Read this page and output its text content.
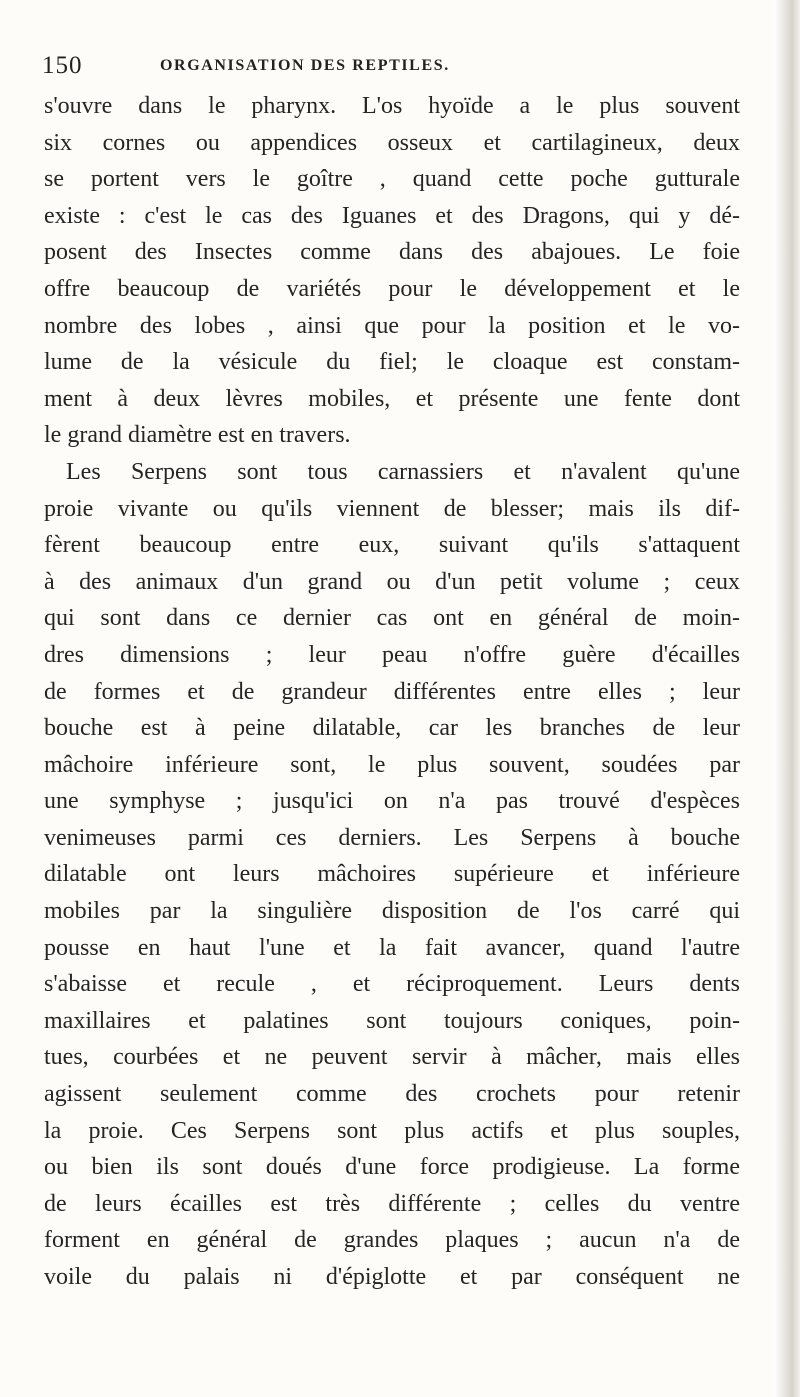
150	ORGANISATION DES REPTILES.
s'ouvre dans le pharynx. L'os hyoïde a le plus souvent
six cornes ou appendices osseux et cartilagineux, deux
se portent vers le goître , quand cette poche gutturale
existe : c'est le cas des Iguanes et des Dragons, qui y dé-
posent des Insectes comme dans des abajoues. Le foie
offre beaucoup de variétés pour le développement et le
nombre des lobes , ainsi que pour la position et le vo-
lume de la vésicule du fiel; le cloaque est constam-
ment à deux lèvres mobiles, et présente une fente dont
le grand diamètre est en travers.
Les Serpens sont tous carnassiers et n'avalent qu'une
proie vivante ou qu'ils viennent de blesser; mais ils dif-
fèrent beaucoup entre eux, suivant qu'ils s'attaquent
à des animaux d'un grand ou d'un petit volume ; ceux
qui sont dans ce dernier cas ont en général de moin-
dres dimensions ; leur peau n'offre guère d'écailles
de formes et de grandeur différentes entre elles ; leur
bouche est à peine dilatable, car les branches de leur
mâchoire inférieure sont, le plus souvent, soudées par
une symphyse ; jusqu'ici on n'a pas trouvé d'espèces
venimeuses parmi ces derniers. Les Serpens à bouche
dilatable ont leurs mâchoires supérieure et inférieure
mobiles par la singulière disposition de l'os carré qui
pousse en haut l'une et la fait avancer, quand l'autre
s'abaisse et recule , et réciproquement. Leurs dents
maxillaires et palatines sont toujours coniques, poin-
tues, courbées et ne peuvent servir à mâcher, mais elles
agissent seulement comme des crochets pour retenir
la proie. Ces Serpens sont plus actifs et plus souples,
ou bien ils sont doués d'une force prodigieuse. La forme
de leurs écailles est très différente ; celles du ventre
forment en général de grandes plaques ; aucun n'a de
voile du palais ni d'épiglotte et par conséquent ne
